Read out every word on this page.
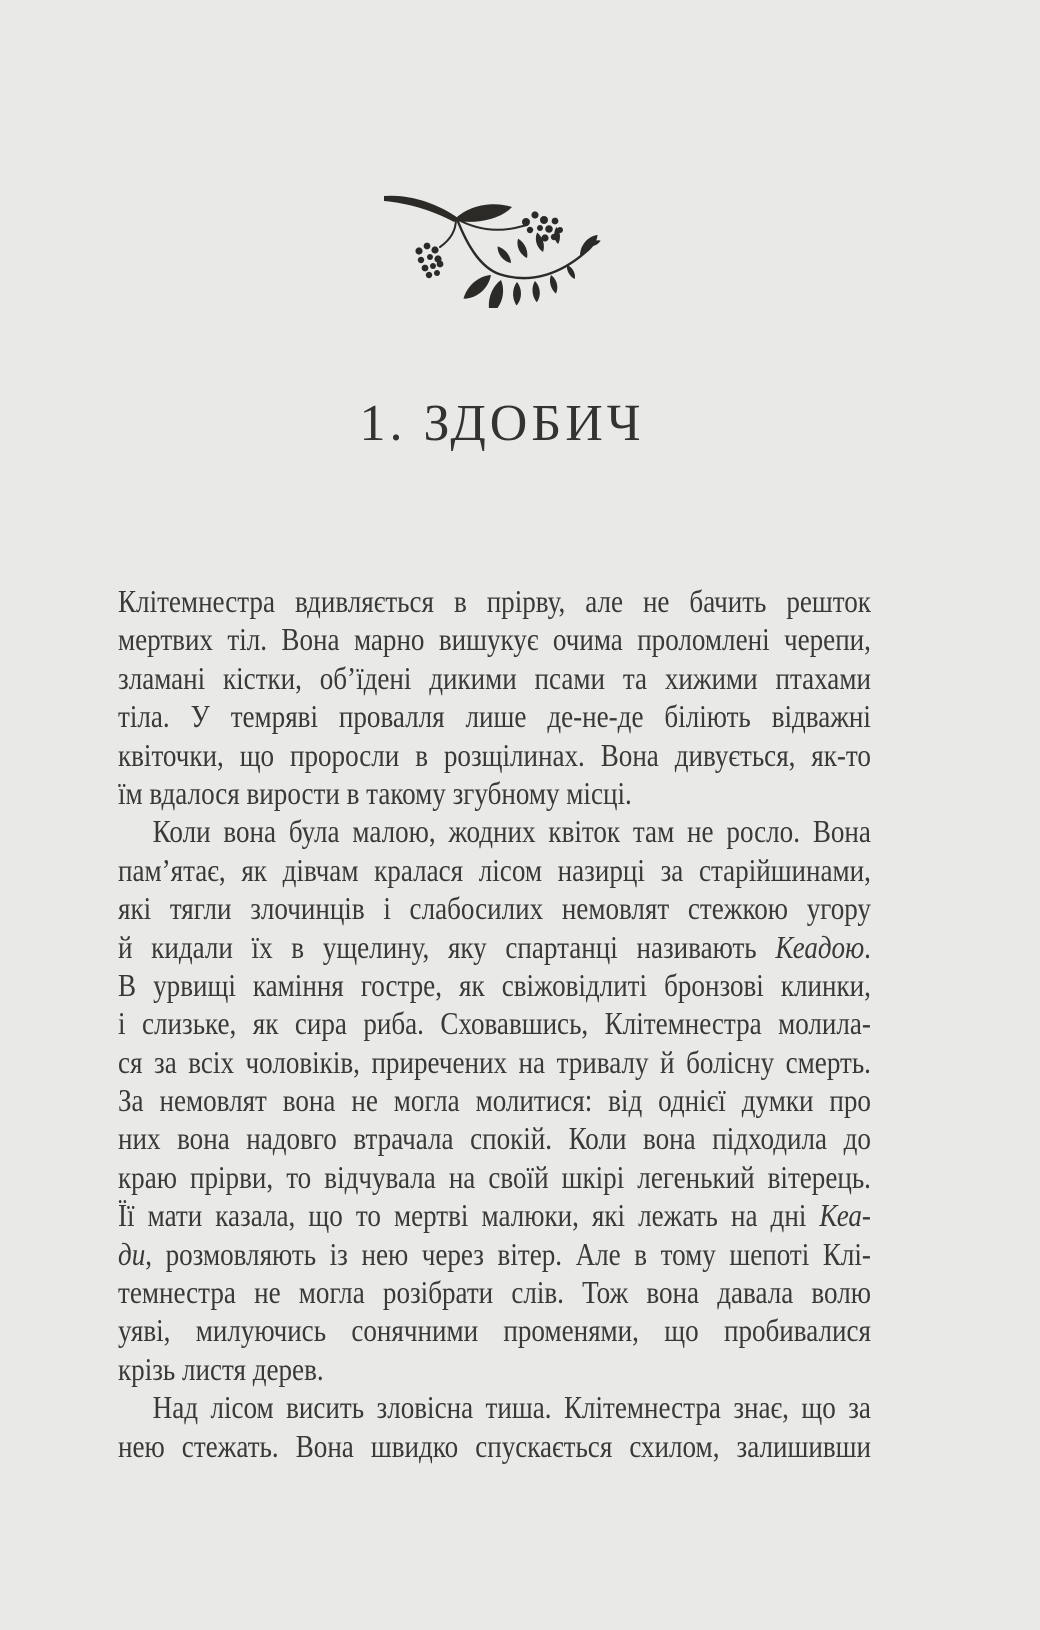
1. ЗДОБИЧ
Клітемнестра вдивляється в прірву, але не бачить решток
мертвих тіл. Вона марно вишукує очима проломлені черепи,
зламані кістки, об’їдені дикими псами та хижими птахами
тіла. У темряві провалля лише де-не-де біліють відважні
квіточки, що проросли в розщілинах. Вона дивується, як-то
їм вдалося вирости в такому згубному місці.
Коли вона була малою, жодних квіток там не росло. Вона
пам’ятає, як дівчам кралася лісом назирці за старійшинами,
які тягли злочинців і слабосилих немовлят стежкою угору
й кидали їх в ущелину, яку спартанці називають Кеадою.
В урвищі каміння гостре, як свіжовідлиті бронзові клинки,
і слизьке, як сира риба. Сховавшись, Клітемнестра молила-
ся за всіх чоловіків, приречених на тривалу й болісну смерть.
За немовлят вона не могла молитися: від однієї думки про
них вона надовго втрачала спокій. Коли вона підходила до
краю прірви, то відчувала на своїй шкірі легенький вітерець.
Її мати казала, що то мертві малюки, які лежать на дні Кеа-
ди, розмовляють із нею через вітер. Але в тому шепоті Клі-
темнестра не могла розібрати слів. Тож вона давала волю
уяві, милуючись сонячними променями, що пробивалися
крізь листя дерев.
Над лісом висить зловісна тиша. Клітемнестра знає, що за
нею стежать. Вона швидко спускається схилом, залишивши
